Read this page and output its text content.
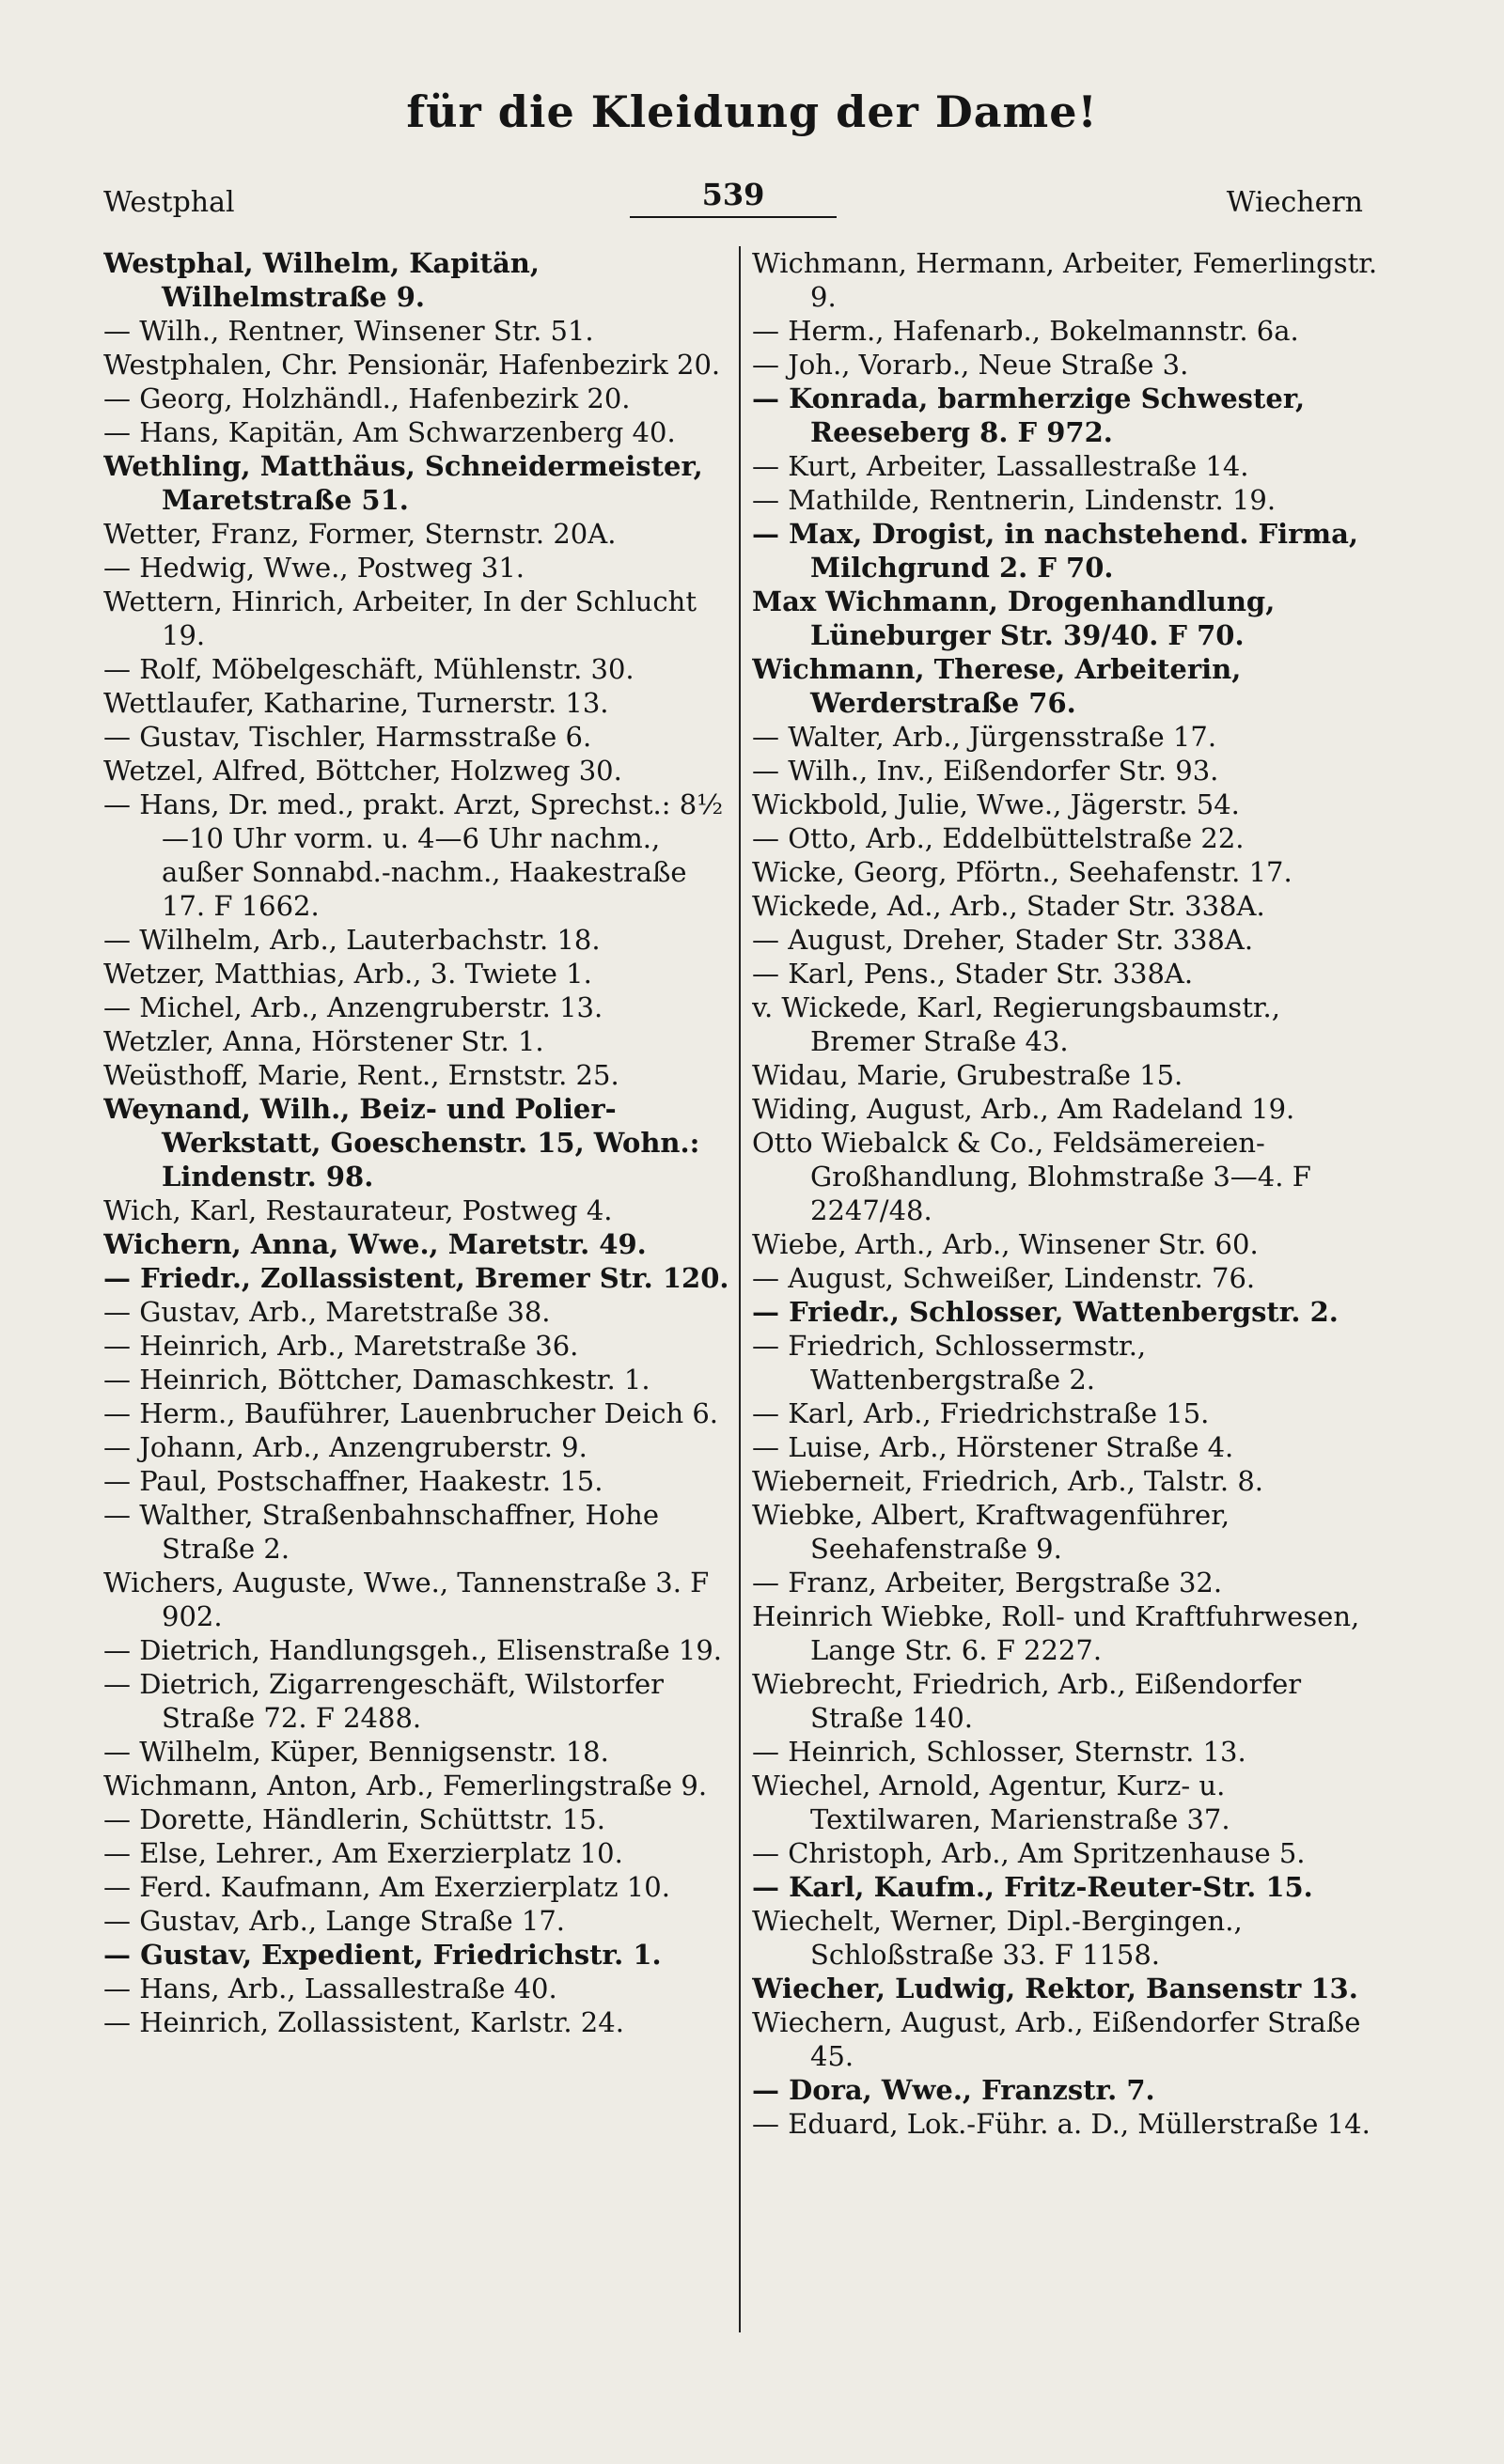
für die Kleidung der Dame!
Westphal	539	Wiechern
Westphal, Wilhelm, Kapitän, Wilhelmstraße 9.
— Wilh., Rentner, Winsener Str. 51.
Westphalen, Chr. Pensionär, Hafenbezirk 20.
— Georg, Holzhändl., Hafenbezirk 20.
— Hans, Kapitän, Am Schwarzenberg 40.
Wethling, Matthäus, Schneidermeister, Maretstraße 51.
Wetter, Franz, Former, Sternstr. 20A.
— Hedwig, Wwe., Postweg 31.
Wettern, Hinrich, Arbeiter, In der Schlucht 19.
— Rolf, Möbelgeschäft, Mühlenstr. 30.
Wettlaufer, Katharine, Turnerstr. 13.
— Gustav, Tischler, Harmsstraße 6.
Wetzel, Alfred, Böttcher, Holzweg 30.
— Hans, Dr. med., prakt. Arzt, Sprechst.: 8½—10 Uhr vorm. u. 4—6 Uhr nachm., außer Sonnabd.-nachm., Haakestraße 17. F 1662.
— Wilhelm, Arb., Lauterbachstr. 18.
Wetzer, Matthias, Arb., 3. Twiete 1.
— Michel, Arb., Anzengruberstr. 13.
Wetzler, Anna, Hörstener Str. 1.
Weüsthoff, Marie, Rent., Ernststr. 25.
Weynand, Wilh., Beiz- und Polier-Werkstatt, Goeschenstr. 15, Wohn.: Lindenstr. 98.
Wich, Karl, Restaurateur, Postweg 4.
Wichern, Anna, Wwe., Maretstr. 49.
— Friedr., Zollassistent, Bremer Str. 120.
— Gustav, Arb., Maretstraße 38.
— Heinrich, Arb., Maretstraße 36.
— Heinrich, Böttcher, Damaschkestr. 1.
— Herm., Bauführer, Lauenbrucher Deich 6.
— Johann, Arb., Anzengruberstr. 9.
— Paul, Postschaffner, Haakestr. 15.
— Walther, Straßenbahnschaffner, Hohe Straße 2.
Wichers, Auguste, Wwe., Tannenstraße 3. F 902.
— Dietrich, Handlungsgeh., Elisenstraße 19.
— Dietrich, Zigarrengeschäft, Wilstorfer Straße 72. F 2488.
— Wilhelm, Küper, Bennigsenstr. 18.
Wichmann, Anton, Arb., Femerlingstraße 9.
— Dorette, Händlerin, Schüttstr. 15.
— Else, Lehrer., Am Exerzierplatz 10.
— Ferd. Kaufmann, Am Exerzierplatz 10.
— Gustav, Arb., Lange Straße 17.
— Gustav, Expedient, Friedrichstr. 1.
— Hans, Arb., Lassallestraße 40.
— Heinrich, Zollassistent, Karlstr. 24.
Wichmann, Hermann, Arbeiter, Femerlingstr. 9.
— Herm., Hafenarb., Bokelmannstr. 6a.
— Joh., Vorarb., Neue Straße 3.
— Konrada, barmherzige Schwester, Reeseberg 8. F 972.
— Kurt, Arbeiter, Lassallestraße 14.
— Mathilde, Rentnerin, Lindenstr. 19.
— Max, Drogist, in nachstehend. Firma, Milchgrund 2. F 70.
Max Wichmann, Drogenhandlung, Lüneburger Str. 39/40. F 70.
Wichmann, Therese, Arbeiterin, Werderstraße 76.
— Walter, Arb., Jürgensstraße 17.
— Wilh., Inv., Eißendorfer Str. 93.
Wickbold, Julie, Wwe., Jägerstr. 54.
— Otto, Arb., Eddelbüttelstraße 22.
Wicke, Georg, Pförtn., Seehafenstr. 17.
Wickede, Ad., Arb., Stader Str. 338A.
— August, Dreher, Stader Str. 338A.
— Karl, Pens., Stader Str. 338A.
v. Wickede, Karl, Regierungsbaumstr., Bremer Straße 43.
Widau, Marie, Grubestraße 15.
Widing, August, Arb., Am Radeland 19.
Otto Wiebalck & Co., Feldsämereien-Großhandlung, Blohmstraße 3—4. F 2247/48.
Wiebe, Arth., Arb., Winsener Str. 60.
— August, Schweißer, Lindenstr. 76.
— Friedr., Schlosser, Wattenbergstr. 2.
— Friedrich, Schlossermstr., Wattenbergstraße 2.
— Karl, Arb., Friedrichstraße 15.
— Luise, Arb., Hörstener Straße 4.
Wieberneit, Friedrich, Arb., Talstr. 8.
Wiebke, Albert, Kraftwagenführer, Seehafenstraße 9.
— Franz, Arbeiter, Bergstraße 32.
Heinrich Wiebke, Roll- und Kraftfuhrwesen, Lange Str. 6. F 2227.
Wiebrecht, Friedrich, Arb., Eißendorfer Straße 140.
— Heinrich, Schlosser, Sternstr. 13.
Wiechel, Arnold, Agentur, Kurz- u. Textilwaren, Marienstraße 37.
— Christoph, Arb., Am Spritzenhause 5.
— Karl, Kaufm., Fritz-Reuter-Str. 15.
Wiechelt, Werner, Dipl.-Bergingen., Schloßstraße 33. F 1158.
Wiecher, Ludwig, Rektor, Bansenstr 13.
Wiechern, August, Arb., Eißendorfer Straße 45.
— Dora, Wwe., Franzstr. 7.
— Eduard, Lok.-Führ. a. D., Müllerstraße 14.
